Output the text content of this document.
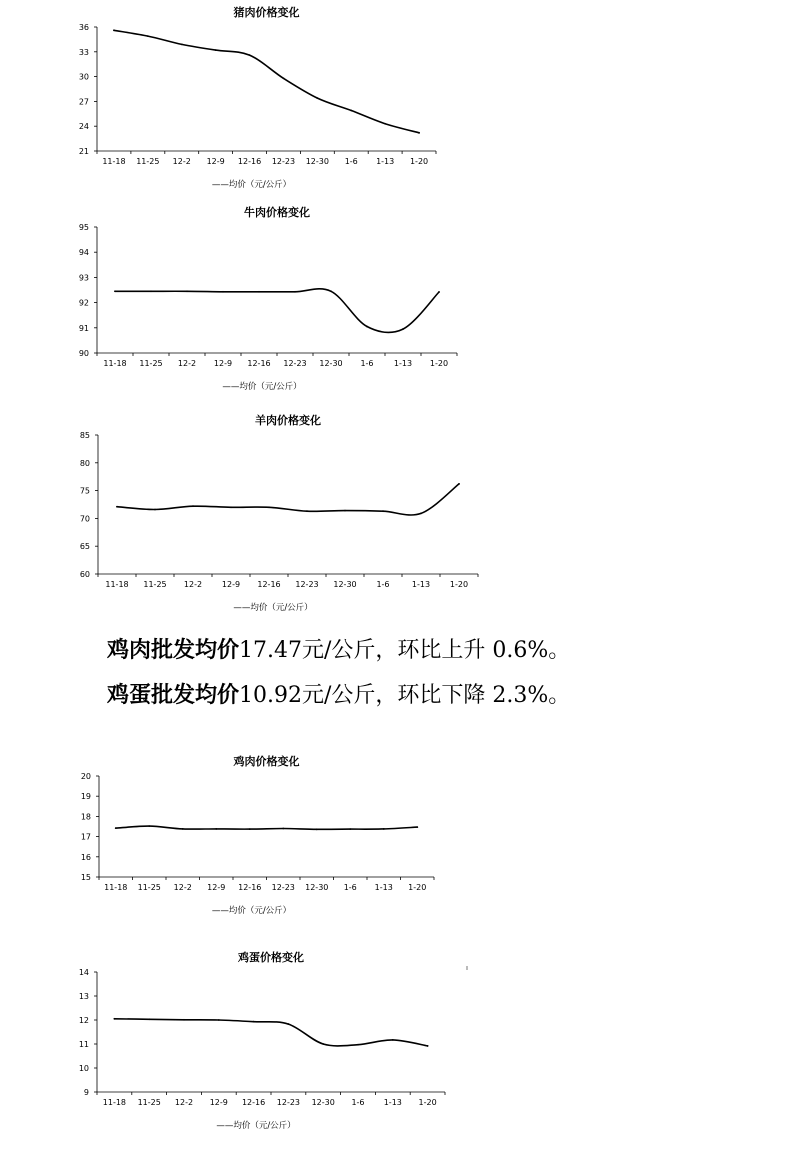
猪肉价格变化
21
24
27
30
33
36
11-18 11-25 12-2 12-9 12-16 12-23 12-30 1-6 1-13 1-20
——均价（元/公斤）
牛肉价格变化
90
91
92
93
94
95
11-18 11-25 12-2 12-9 12-16 12-23 12-30 1-6	1-13 1-20
——均价（元/公斤）
羊肉价格变化
60
65
70
75
80
85
11-18 11-25 12-2 12-9 12-16 12-23 12-30 1-6	1-13 1-20
——均价（元/公斤）
鸡肉批发均价17.47元/公斤，环比上升 0.6%。
鸡蛋批发均价10.92元/公斤，环比下降 2.3%。
鸡肉价格变化
15
16
17
18
19
20
11-18 11-25 12-2 12-9 12-16 12-23 12-30 1-6 1-13 1-20
——均价（元/公斤）
鸡蛋价格变化
9
10
11
12
13
14
11-18 11-25 12-2 12-9 12-16 12-23 12-30 1-6 1-13 1-20
——均价（元/公斤）
